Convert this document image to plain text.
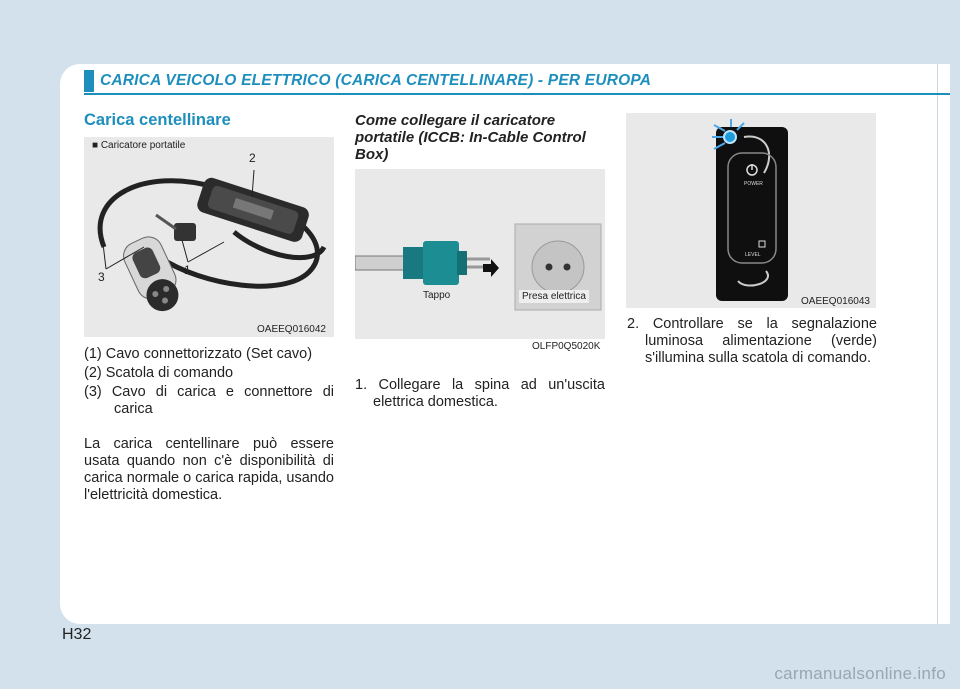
CARICA VEICOLO ELETTRICO (CARICA CENTELLINARE) - PER EUROPA
Carica centellinare
■ Caricatore portatile
2
3	1
OAEEQ016042
(1) Cavo connettorizzato (Set cavo)
(2) Scatola di comando
(3) Cavo di carica e connettore di carica

La carica centellinare può essere usata quando non c'è disponibilità di carica normale o carica rapida, usando l'elettricità domestica.

Come collegare il caricatore portatile (ICCB: In-Cable Control Box)
Tappo	Presa elettrica
OLFP0Q5020K

1. Collegare la spina ad un'uscita elettrica domestica.

POWER
LEVEL
OAEEQ016043

2. Controllare se la segnalazione luminosa alimentazione (verde) s'illumina sulla scatola di comando.

H32
carmanualsonline.info
